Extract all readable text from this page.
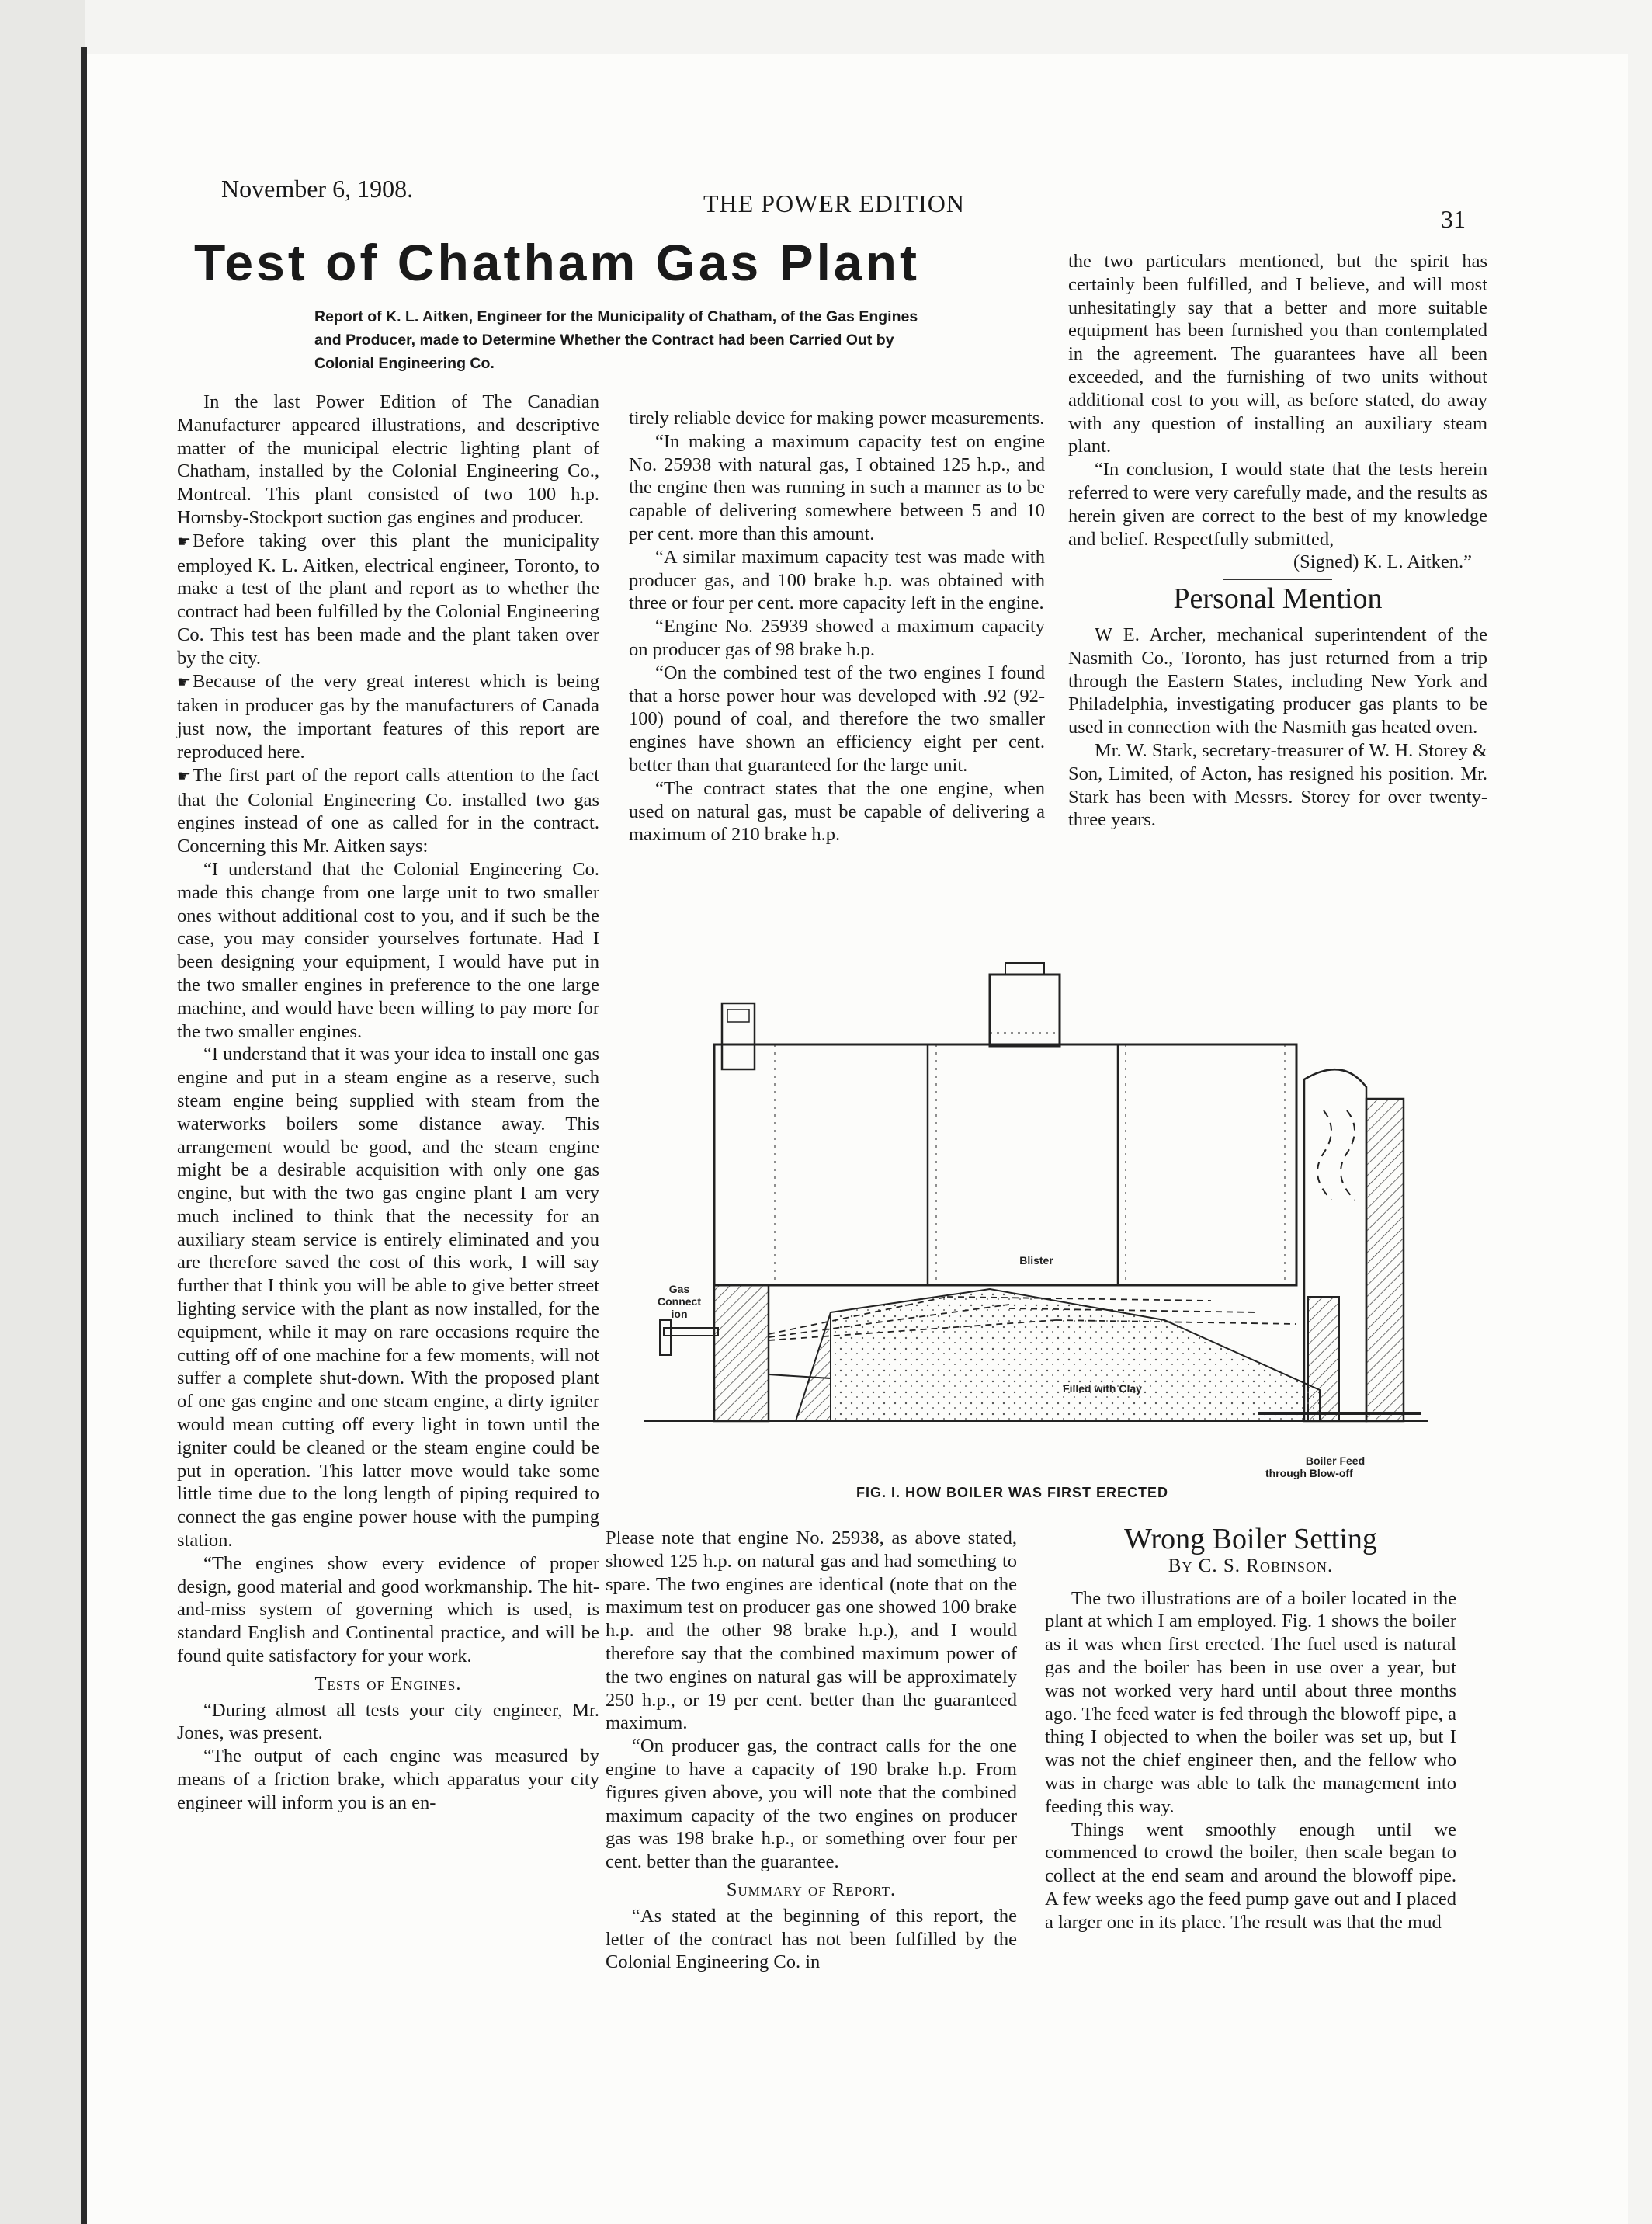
November 6, 1908.
THE POWER EDITION
31
Test of Chatham Gas Plant
Report of K. L. Aitken, Engineer for the Municipality of Chatham, of the Gas Engines and Producer, made to Determine Whether the Contract had been Carried Out by Colonial Engineering Co.

In the last Power Edition of The Canadian Manufacturer appeared illustrations, and descriptive matter of the municipal electric lighting plant of Chatham, installed by the Colonial Engineering Co., Montreal. This plant consisted of two 100 h.p. Hornsby-Stockport suction gas engines and producer.

☛Before taking over this plant the municipality employed K. L. Aitken, electrical engineer, Toronto, to make a test of the plant and report as to whether the contract had been fulfilled by the Colonial Engineering Co. This test has been made and the plant taken over by the city.

☛Because of the very great interest which is being taken in producer gas by the manufacturers of Canada just now, the important features of this report are reproduced here.

☛The first part of the report calls attention to the fact that the Colonial Engineering Co. installed two gas engines instead of one as called for in the contract. Concerning this Mr. Aitken says:

“I understand that the Colonial Engineering Co. made this change from one large unit to two smaller ones without additional cost to you, and if such be the case, you may consider yourselves fortunate. Had I been designing your equipment, I would have put in the two smaller engines in preference to the one large machine, and would have been willing to pay more for the two smaller engines.

“I understand that it was your idea to install one gas engine and put in a steam engine as a reserve, such steam engine being supplied with steam from the waterworks boilers some distance away. This arrangement would be good, and the steam engine might be a desirable acquisition with only one gas engine, but with the two gas engine plant I am very much inclined to think that the necessity for an auxiliary steam service is entirely eliminated and you are therefore saved the cost of this work, I will say further that I think you will be able to give better street lighting service with the plant as now installed, for the equipment, while it may on rare occasions require the cutting off of one machine for a few moments, will not suffer a complete shut-down. With the proposed plant of one gas engine and one steam engine, a dirty igniter would mean cutting off every light in town until the igniter could be cleaned or the steam engine could be put in operation. This latter move would take some little time due to the long length of piping required to connect the gas engine power house with the pumping station.

“The engines show every evidence of proper design, good material and good workmanship. The hit-and-miss system of governing which is used, is standard English and Continental practice, and will be found quite satisfactory for your work.

Tests of Engines.

“During almost all tests your city engineer, Mr. Jones, was present.

“The output of each engine was measured by means of a friction brake, which apparatus your city engineer will inform you is an en-

tirely reliable device for making power measurements.

“In making a maximum capacity test on engine No. 25938 with natural gas, I obtained 125 h.p., and the engine then was running in such a manner as to be capable of delivering somewhere between 5 and 10 per cent. more than this amount.

“A similar maximum capacity test was made with producer gas, and 100 brake h.p. was obtained with three or four per cent. more capacity left in the engine.

“Engine No. 25939 showed a maximum capacity on producer gas of 98 brake h.p.

“On the combined test of the two engines I found that a horse power hour was developed with .92 (92-100) pound of coal, and therefore the two smaller engines have shown an efficiency eight per cent. better than that guaranteed for the large unit.

“The contract states that the one engine, when used on natural gas, must be capable of delivering a maximum of 210 brake h.p.

the two particulars mentioned, but the spirit has certainly been fulfilled, and I believe, and will most unhesitatingly say that a better and more suitable equipment has been furnished you than contemplated in the agreement. The guarantees have all been exceeded, and the furnishing of two units without additional cost to you will, as before stated, do away with any question of installing an auxiliary steam plant.

“In conclusion, I would state that the tests herein referred to were very carefully made, and the results as herein given are correct to the best of my knowledge and belief. Respectfully submitted,

(Signed) K. L. Aitken.”

Personal Mention

W E. Archer, mechanical superintendent of the Nasmith Co., Toronto, has just returned from a trip through the Eastern States, including New York and Philadelphia, investigating producer gas plants to be used in connection with the Nasmith gas heated oven.

Mr. W. Stark, secretary-treasurer of W. H. Storey & Son, Limited, of Acton, has resigned his position. Mr. Stark has been with Messrs. Storey for over twenty-three years.

Gas
Connect
ion
Blister
Filled with Clay
Boiler Feed
through Blow-off
FIG. I. HOW BOILER WAS FIRST ERECTED

Please note that engine No. 25938, as above stated, showed 125 h.p. on natural gas and had something to spare. The two engines are identical (note that on the maximum test on producer gas one showed 100 brake h.p. and the other 98 brake h.p.), and I would therefore say that the combined maximum power of the two engines on natural gas will be approximately 250 h.p., or 19 per cent. better than the guaranteed maximum.

“On producer gas, the contract calls for the one engine to have a capacity of 190 brake h.p. From figures given above, you will note that the combined maximum capacity of the two engines on producer gas was 198 brake h.p., or something over four per cent. better than the guarantee.

Summary of Report.

“As stated at the beginning of this report, the letter of the contract has not been fulfilled by the Colonial Engineering Co. in

Wrong Boiler Setting

By C. S. Robinson.

The two illustrations are of a boiler located in the plant at which I am employed. Fig. 1 shows the boiler as it was when first erected. The fuel used is natural gas and the boiler has been in use over a year, but was not worked very hard until about three months ago. The feed water is fed through the blowoff pipe, a thing I objected to when the boiler was set up, but I was not the chief engineer then, and the fellow who was in charge was able to talk the management into feeding this way.

Things went smoothly enough until we commenced to crowd the boiler, then scale began to collect at the end seam and around the blowoff pipe. A few weeks ago the feed pump gave out and I placed a larger one in its place. The result was that the mud
